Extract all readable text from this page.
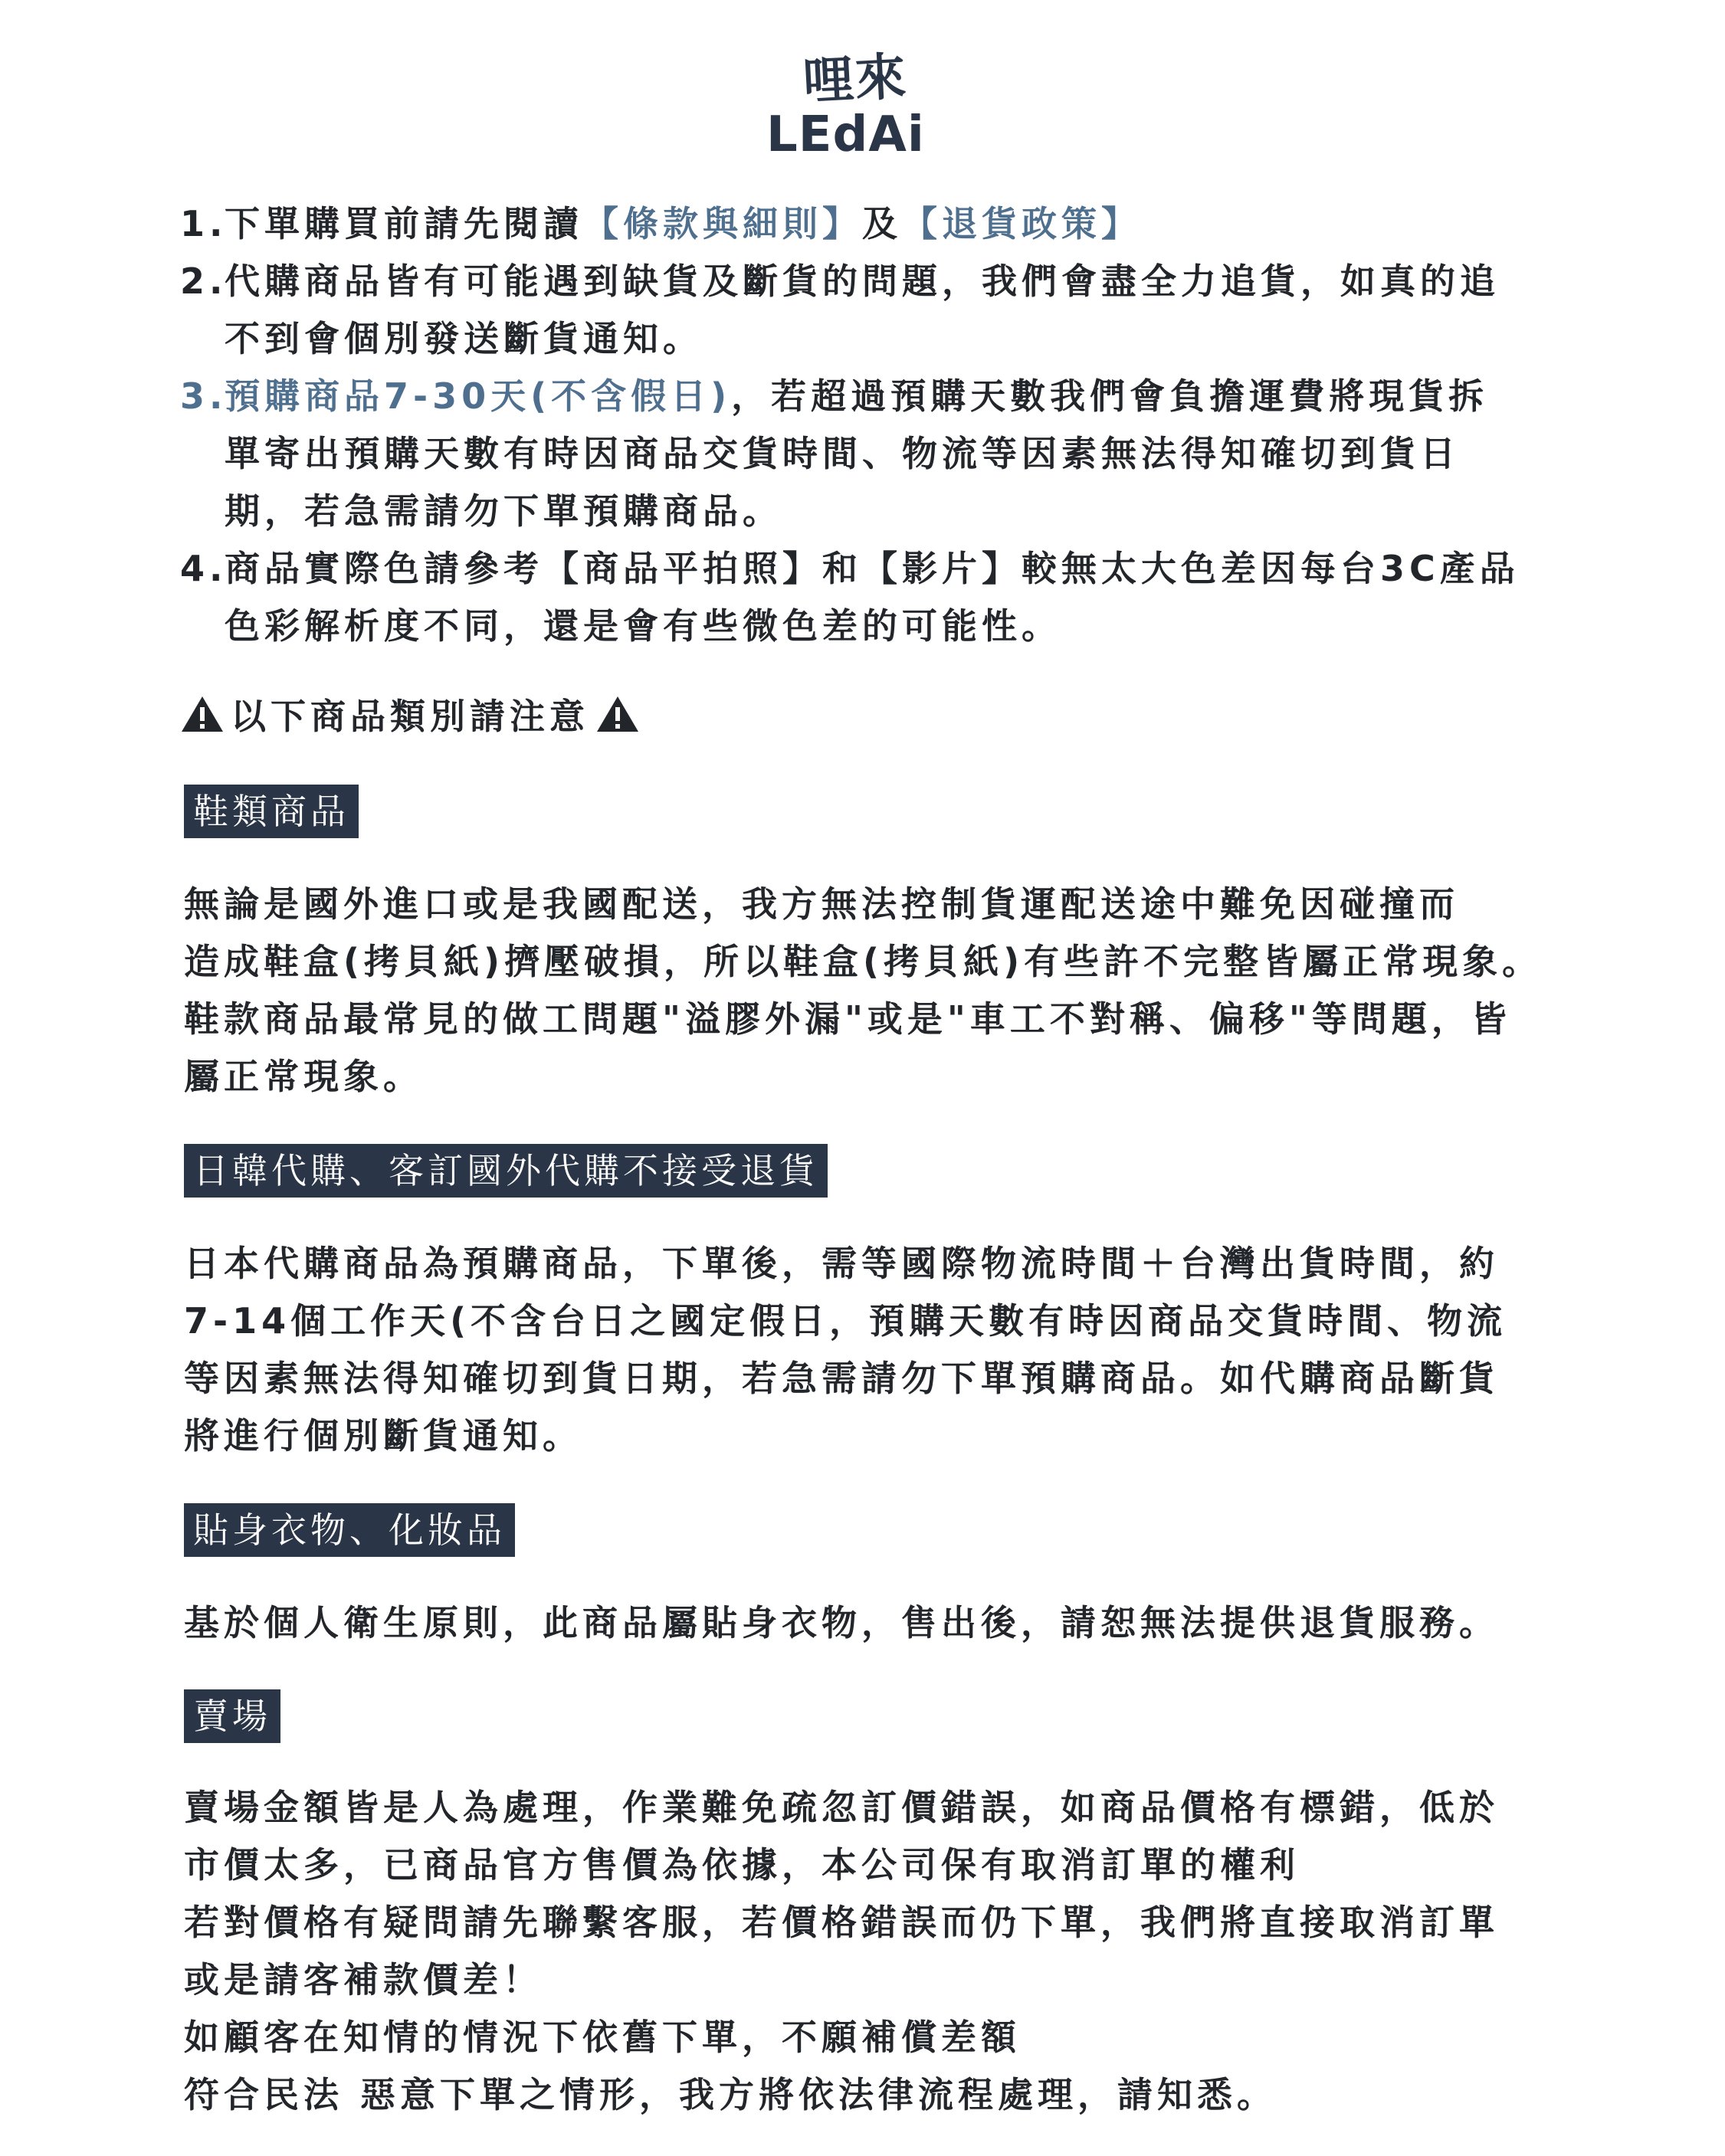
哩來
LEdAi
1.
下單購買前請先閱讀【條款與細則】及【退貨政策】
2.
代購商品皆有可能遇到缺貨及斷貨的問題，我們會盡全力追貨，如真的追
不到會個別發送斷貨通知。
3.
預購商品7-30天(不含假日)，若超過預購天數我們會負擔運費將現貨拆
單寄出預購天數有時因商品交貨時間、物流等因素無法得知確切到貨日
期，若急需請勿下單預購商品。
4.
商品實際色請參考【商品平拍照】和【影片】較無太大色差因每台3C產品
色彩解析度不同，還是會有些微色差的可能性。
以下商品類別請注意
鞋類商品
無論是國外進口或是我國配送，我方無法控制貨運配送途中難免因碰撞而
造成鞋盒(拷貝紙)擠壓破損，所以鞋盒(拷貝紙)有些許不完整皆屬正常現象。
鞋款商品最常見的做工問題"溢膠外漏"或是"車工不對稱、偏移"等問題，皆
屬正常現象。
日韓代購、客訂國外代購不接受退貨
日本代購商品為預購商品，下單後，需等國際物流時間＋台灣出貨時間，約
7-14個工作天(不含台日之國定假日，預購天數有時因商品交貨時間、物流
等因素無法得知確切到貨日期，若急需請勿下單預購商品。如代購商品斷貨
將進行個別斷貨通知。
貼身衣物、化妝品
基於個人衛生原則，此商品屬貼身衣物，售出後，請恕無法提供退貨服務。
賣場
賣場金額皆是人為處理，作業難免疏忽訂價錯誤，如商品價格有標錯，低於
市價太多，已商品官方售價為依據，本公司保有取消訂單的權利
若對價格有疑問請先聯繫客服，若價格錯誤而仍下單，我們將直接取消訂單
或是請客補款價差！
如顧客在知情的情況下依舊下單，不願補償差額
符合民法 惡意下單之情形，我方將依法律流程處理，請知悉。
